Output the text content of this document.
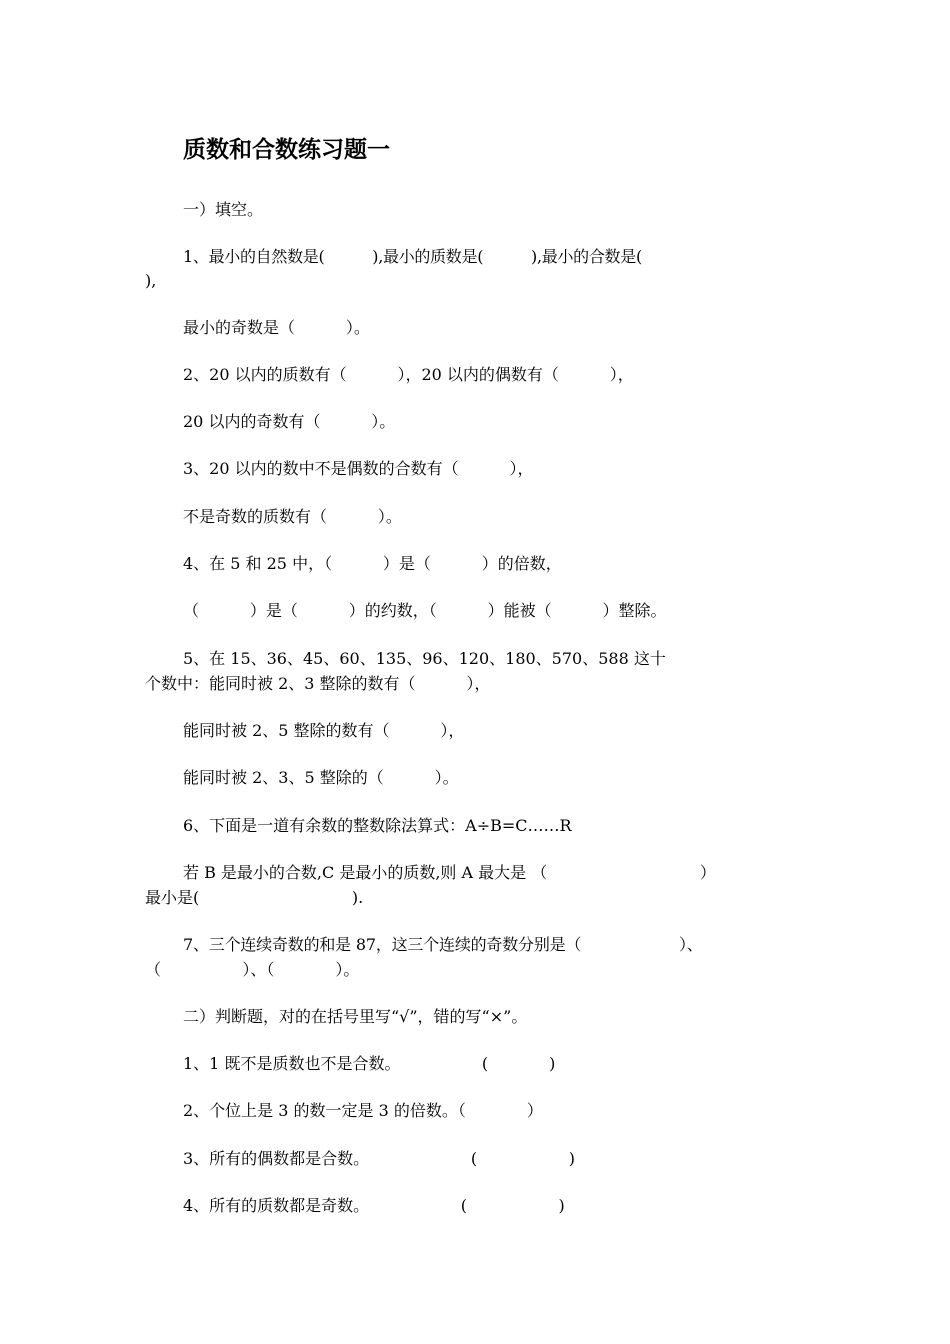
质数和合数练习题一
一）填空。
1、最小的自然数是(          ),最小的质数是(          ),最小的合数是(
),
最小的奇数是（          ）。
2、20 以内的质数有（          ），20 以内的偶数有（          ），
20 以内的奇数有（          ）。
3、20 以内的数中不是偶数的合数有（          ），
不是奇数的质数有（          ）。
4、在 5 和 25 中，（          ）是（          ）的倍数，
（          ）是（          ）的约数，（          ）能被（          ）整除。
5、在 15、36、45、60、135、96、120、180、570、588 这十
个数中：能同时被 2、3 整除的数有（          ），
能同时被 2、5 整除的数有（          ），
能同时被 2、3、5 整除的（          ）。
6、下面是一道有余数的整数除法算式：A÷B=C……R
若 B 是最小的合数,C 是最小的质数,则 A 最大是 （                              ）
最小是(                              ).
7、三个连续奇数的和是 87，这三个连续的奇数分别是（                    ）、
（                ）、（            ）。
二）判断题，对的在括号里写“√”，错的写“×”。
1、1 既不是质数也不是合数。                (            )
2、个位上是 3 的数一定是 3 的倍数。（            ）
3、所有的偶数都是合数。                    (                  )
4、所有的质数都是奇数。                  (                  )
